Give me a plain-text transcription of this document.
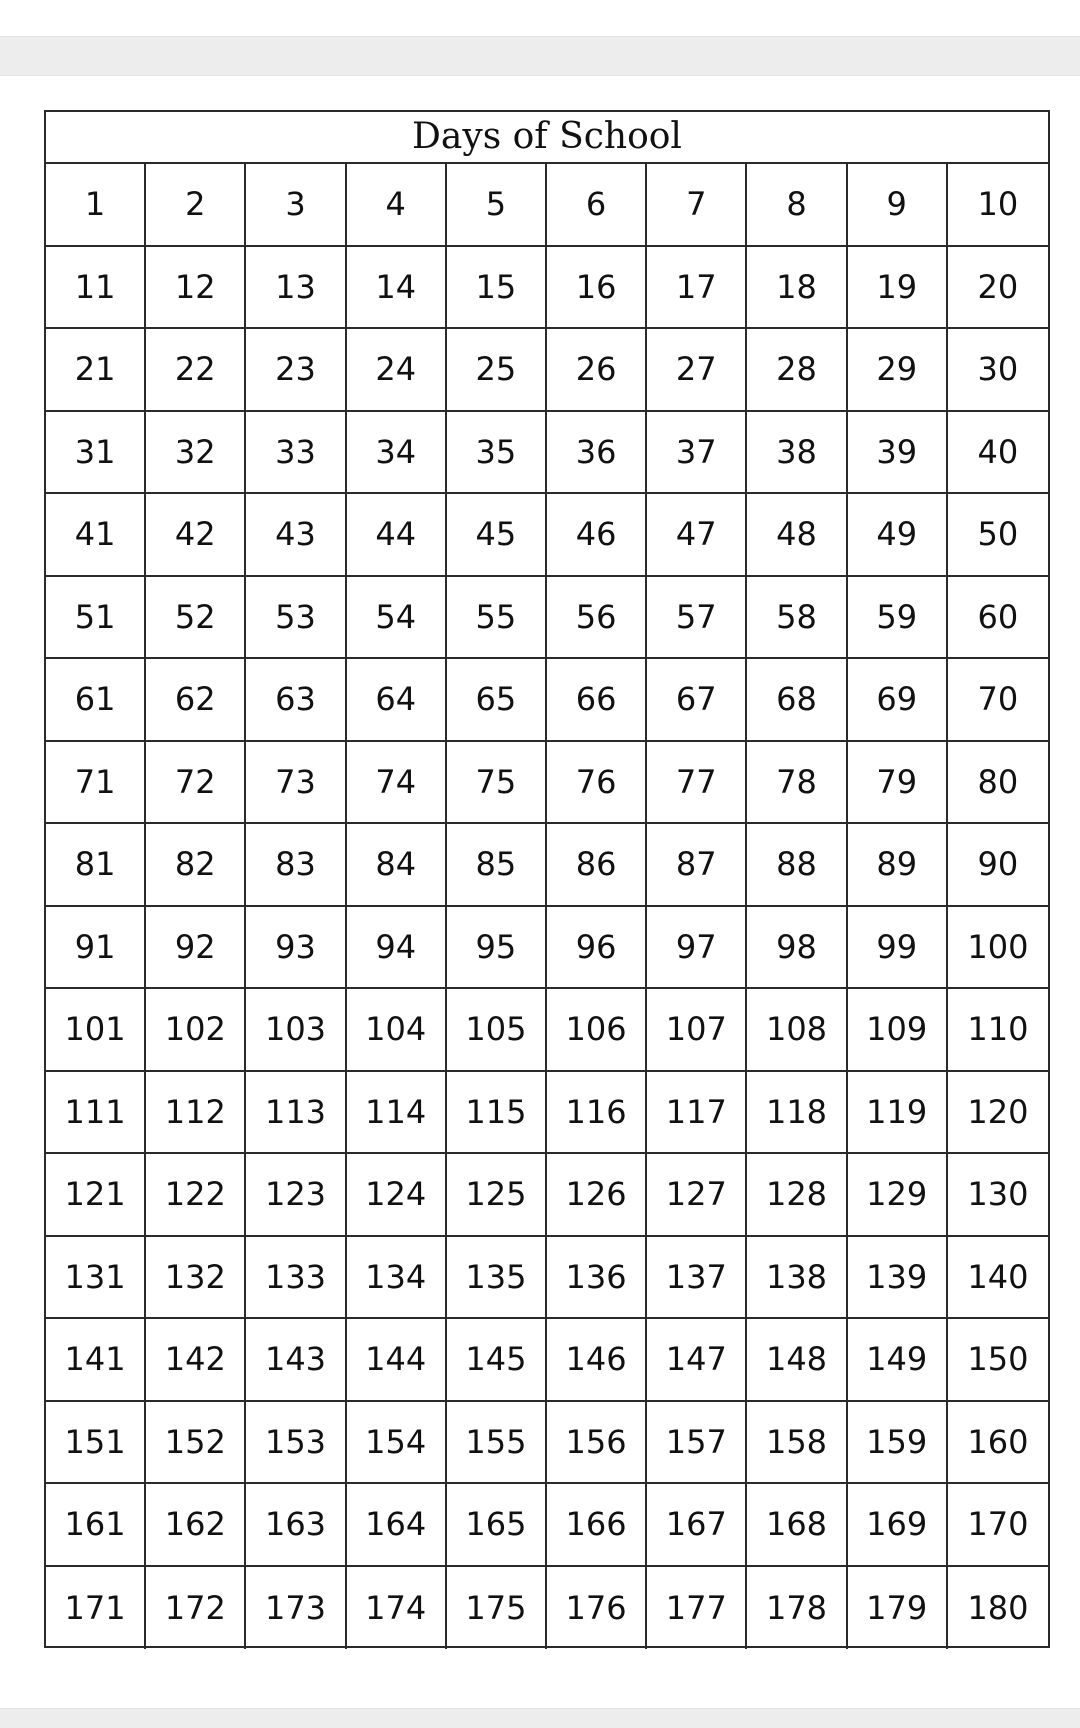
Days of School
1	2	3	4	5	6	7	8	9	10
11	12	13	14	15	16	17	18	19	20
21	22	23	24	25	26	27	28	29	30
31	32	33	34	35	36	37	38	39	40
41	42	43	44	45	46	47	48	49	50
51	52	53	54	55	56	57	58	59	60
61	62	63	64	65	66	67	68	69	70
71	72	73	74	75	76	77	78	79	80
81	82	83	84	85	86	87	88	89	90
91	92	93	94	95	96	97	98	99	100
101	102	103	104	105	106	107	108	109	110
111	112	113	114	115	116	117	118	119	120
121	122	123	124	125	126	127	128	129	130
131	132	133	134	135	136	137	138	139	140
141	142	143	144	145	146	147	148	149	150
151	152	153	154	155	156	157	158	159	160
161	162	163	164	165	166	167	168	169	170
171	172	173	174	175	176	177	178	179	180
